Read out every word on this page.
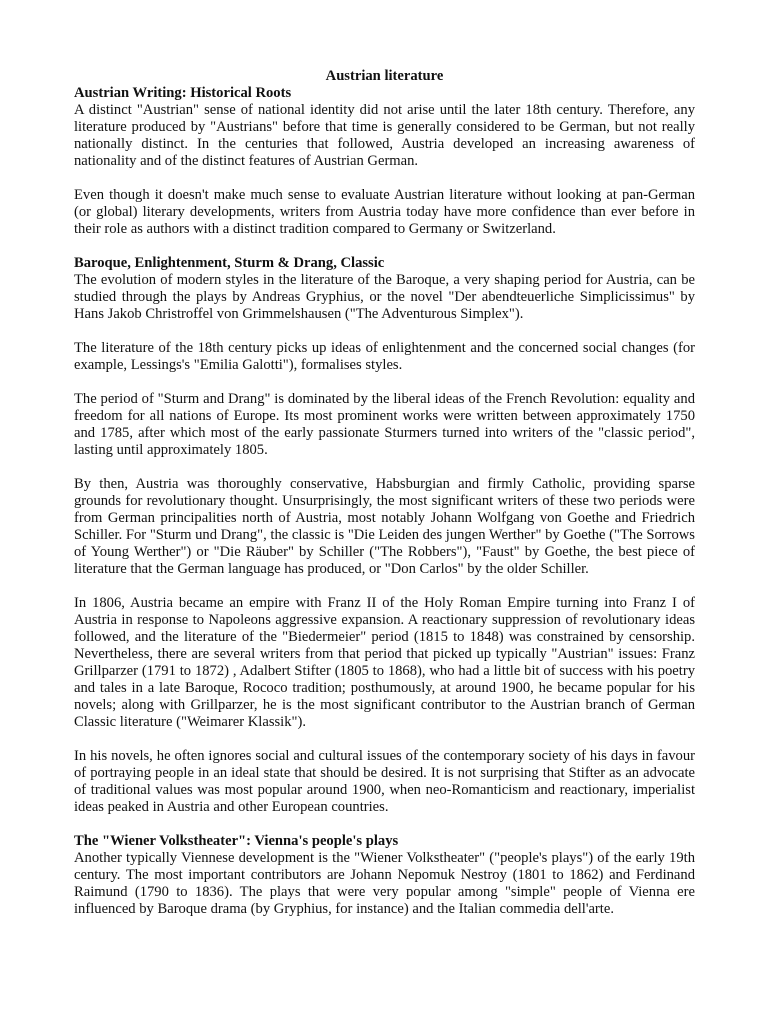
Austrian literature
Austrian Writing: Historical Roots

A distinct "Austrian" sense of national identity did not arise until the later 18th century. Therefore, any literature produced by "Austrians" before that time is generally considered to be German, but not really nationally distinct. In the centuries that followed, Austria developed an increasing awareness of nationality and of the distinct features of Austrian German.

Even though it doesn't make much sense to evaluate Austrian literature without looking at pan-German (or global) literary developments, writers from Austria today have more confidence than ever before in their role as authors with a distinct tradition compared to Germany or Switzerland.

Baroque, Enlightenment, Sturm & Drang, Classic

The evolution of modern styles in the literature of the Baroque, a very shaping period for Austria, can be studied through the plays by Andreas Gryphius, or the novel "Der abendteuerliche Simplicissimus" by Hans Jakob Christroffel von Grimmelshausen ("The Adventurous Simplex").

The literature of the 18th century picks up ideas of enlightenment and the concerned social changes (for example, Lessings's "Emilia Galotti"), formalises styles.

The period of "Sturm and Drang" is dominated by the liberal ideas of the French Revolution: equality and freedom for all nations of Europe. Its most prominent works were written between approximately 1750 and 1785, after which most of the early passionate Sturmers turned into writers of the "classic period", lasting until approximately 1805.

By then, Austria was thoroughly conservative, Habsburgian and firmly Catholic, providing sparse grounds for revolutionary thought. Unsurprisingly, the most significant writers of these two periods were from German principalities north of Austria, most notably Johann Wolfgang von Goethe and Friedrich Schiller. For "Sturm und Drang", the classic is "Die Leiden des jungen Werther" by Goethe ("The Sorrows of Young Werther") or "Die Räuber" by Schiller ("The Robbers"), "Faust" by Goethe, the best piece of literature that the German language has produced, or "Don Carlos" by the older Schiller.

In 1806, Austria became an empire with Franz II of the Holy Roman Empire turning into Franz I of Austria in response to Napoleons aggressive expansion. A reactionary suppression of revolutionary ideas followed, and the literature of the "Biedermeier" period (1815 to 1848) was constrained by censorship. Nevertheless, there are several writers from that period that picked up typically "Austrian" issues: Franz Grillparzer (1791 to 1872) , Adalbert Stifter (1805 to 1868), who had a little bit of success with his poetry and tales in a late Baroque, Rococo tradition; posthumously, at around 1900, he became popular for his novels; along with Grillparzer, he is the most significant contributor to the Austrian branch of German Classic literature ("Weimarer Klassik").

In his novels, he often ignores social and cultural issues of the contemporary society of his days in favour of portraying people in an ideal state that should be desired. It is not surprising that Stifter as an advocate of traditional values was most popular around 1900, when neo-Romanticism and reactionary, imperialist ideas peaked in Austria and other European countries.

The "Wiener Volkstheater": Vienna's people's plays

Another typically Viennese development is the "Wiener Volkstheater" ("people's plays") of the early 19th century. The most important contributors are Johann Nepomuk Nestroy (1801 to 1862) and Ferdinand Raimund (1790 to 1836). The plays that were very popular among "simple" people of Vienna ere influenced by Baroque drama (by Gryphius, for instance) and the Italian commedia dell'arte.
